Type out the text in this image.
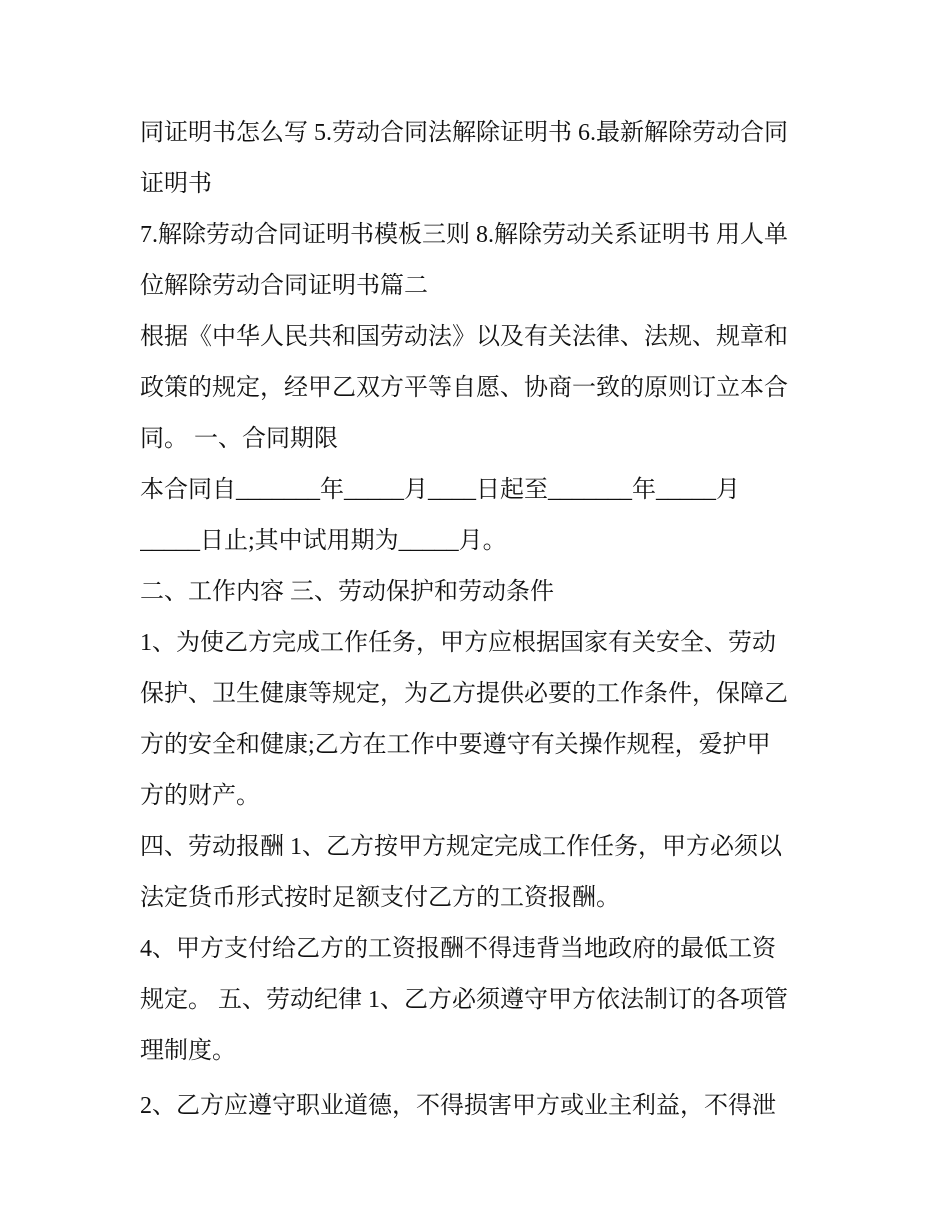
同证明书怎么写 5.劳动合同法解除证明书 6.最新解除劳动合同
证明书
7.解除劳动合同证明书模板三则 8.解除劳动关系证明书 用人单
位解除劳动合同证明书篇二
根据《中华人民共和国劳动法》以及有关法律、法规、规章和
政策的规定，经甲乙双方平等自愿、协商一致的原则订立本合
同。 一、合同期限
本合同自_______年_____月____日起至_______年_____月
_____日止;其中试用期为_____月。
二、工作内容 三、劳动保护和劳动条件
1、为使乙方完成工作任务，甲方应根据国家有关安全、劳动
保护、卫生健康等规定，为乙方提供必要的工作条件，保障乙
方的安全和健康;乙方在工作中要遵守有关操作规程，爱护甲
方的财产。
四、劳动报酬 1、乙方按甲方规定完成工作任务，甲方必须以
法定货币形式按时足额支付乙方的工资报酬。
4、甲方支付给乙方的工资报酬不得违背当地政府的最低工资
规定。 五、劳动纪律 1、乙方必须遵守甲方依法制订的各项管
理制度。
2、乙方应遵守职业道德，不得损害甲方或业主利益，不得泄
